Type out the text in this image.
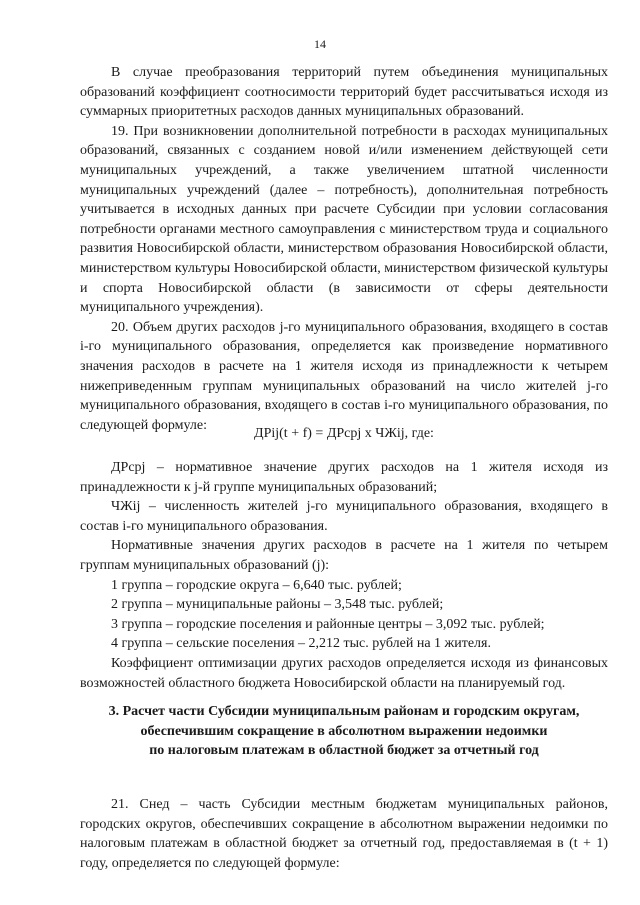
14

В случае преобразования территорий путем объединения муниципальных образований коэффициент соотносимости территорий будет рассчитываться исходя из суммарных приоритетных расходов данных муниципальных образований.

19. При возникновении дополнительной потребности в расходах муниципальных образований, связанных с созданием новой и/или изменением действующей сети муниципальных учреждений, а также увеличением штатной численности муниципальных учреждений (далее – потребность), дополнительная потребность учитывается в исходных данных при расчете Субсидии при условии согласования потребности органами местного самоуправления с министерством труда и социального развития Новосибирской области, министерством образования Новосибирской области, министерством культуры Новосибирской области, министерством физической культуры и спорта Новосибирской области (в зависимости от сферы деятельности муниципального учреждения).

20. Объем других расходов j-го муниципального образования, входящего в состав i-го муниципального образования, определяется как произведение нормативного значения расходов в расчете на 1 жителя исходя из принадлежности к четырем нижеприведенным группам муниципальных образований на число жителей j-го муниципального образования, входящего в состав i-го муниципального образования, по следующей формуле:

ДРij(t + f) = ДРсрj х ЧЖij, где:

ДРсрj – нормативное значение других расходов на 1 жителя исходя из принадлежности к j-й группе муниципальных образований;

ЧЖij – численность жителей j-го муниципального образования, входящего в состав i-го муниципального образования.

Нормативные значения других расходов в расчете на 1 жителя по четырем группам муниципальных образований (j):

1 группа – городские округа – 6,640 тыс. рублей;

2 группа – муниципальные районы – 3,548 тыс. рублей;

3 группа – городские поселения и районные центры – 3,092 тыс. рублей;

4 группа – сельские поселения – 2,212 тыс. рублей на 1 жителя.

Коэффициент оптимизации других расходов определяется исходя из финансовых возможностей областного бюджета Новосибирской области на планируемый год.

3. Расчет части Субсидии муниципальным районам и городским округам,
обеспечившим сокращение в абсолютном выражении недоимки
по налоговым платежам в областной бюджет за отчетный год

21. Снед – часть Субсидии местным бюджетам муниципальных районов, городских округов, обеспечивших сокращение в абсолютном выражении недоимки по налоговым платежам в областной бюджет за отчетный год, предоставляемая в (t + 1) году, определяется по следующей формуле:
